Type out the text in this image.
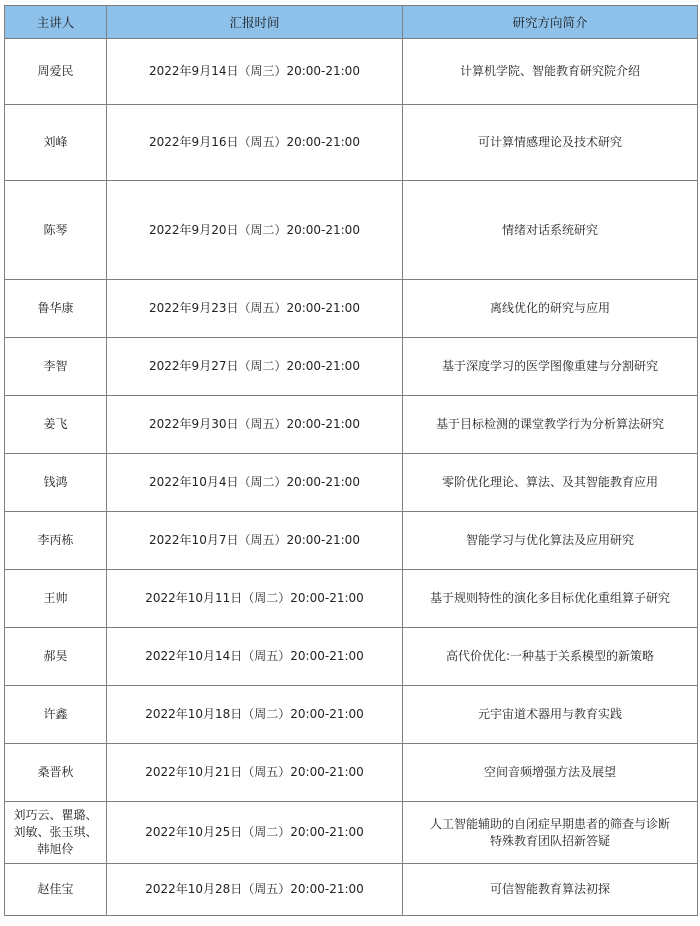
主讲人	汇报时间	研究方向简介
周爱民	2022年9月14日（周三）20:00-21:00	计算机学院、智能教育研究院介绍
刘峰	2022年9月16日（周五）20:00-21:00	可计算情感理论及技术研究
陈琴	2022年9月20日（周二）20:00-21:00	情绪对话系统研究
鲁华康	2022年9月23日（周五）20:00-21:00	离线优化的研究与应用
李智	2022年9月27日（周二）20:00-21:00	基于深度学习的医学图像重建与分割研究
姜飞	2022年9月30日（周五）20:00-21:00	基于目标检测的课堂教学行为分析算法研究
钱鸿	2022年10月4日（周二）20:00-21:00	零阶优化理论、算法、及其智能教育应用
李丙栋	2022年10月7日（周五）20:00-21:00	智能学习与优化算法及应用研究
王帅	2022年10月11日（周二）20:00-21:00	基于规则特性的演化多目标优化重组算子研究
郝昊	2022年10月14日（周五）20:00-21:00	高代价优化:一种基于关系模型的新策略
许鑫	2022年10月18日（周二）20:00-21:00	元宇宙道术器用与教育实践
桑晋秋	2022年10月21日（周五）20:00-21:00	空间音频增强方法及展望
刘巧云、瞿璐、刘敏、张玉琪、韩旭伶	2022年10月25日（周二）20:00-21:00	人工智能辅助的自闭症早期患者的筛查与诊断
特殊教育团队招新答疑

赵佳宝	2022年10月28日（周五）20:00-21:00	可信智能教育算法初探
